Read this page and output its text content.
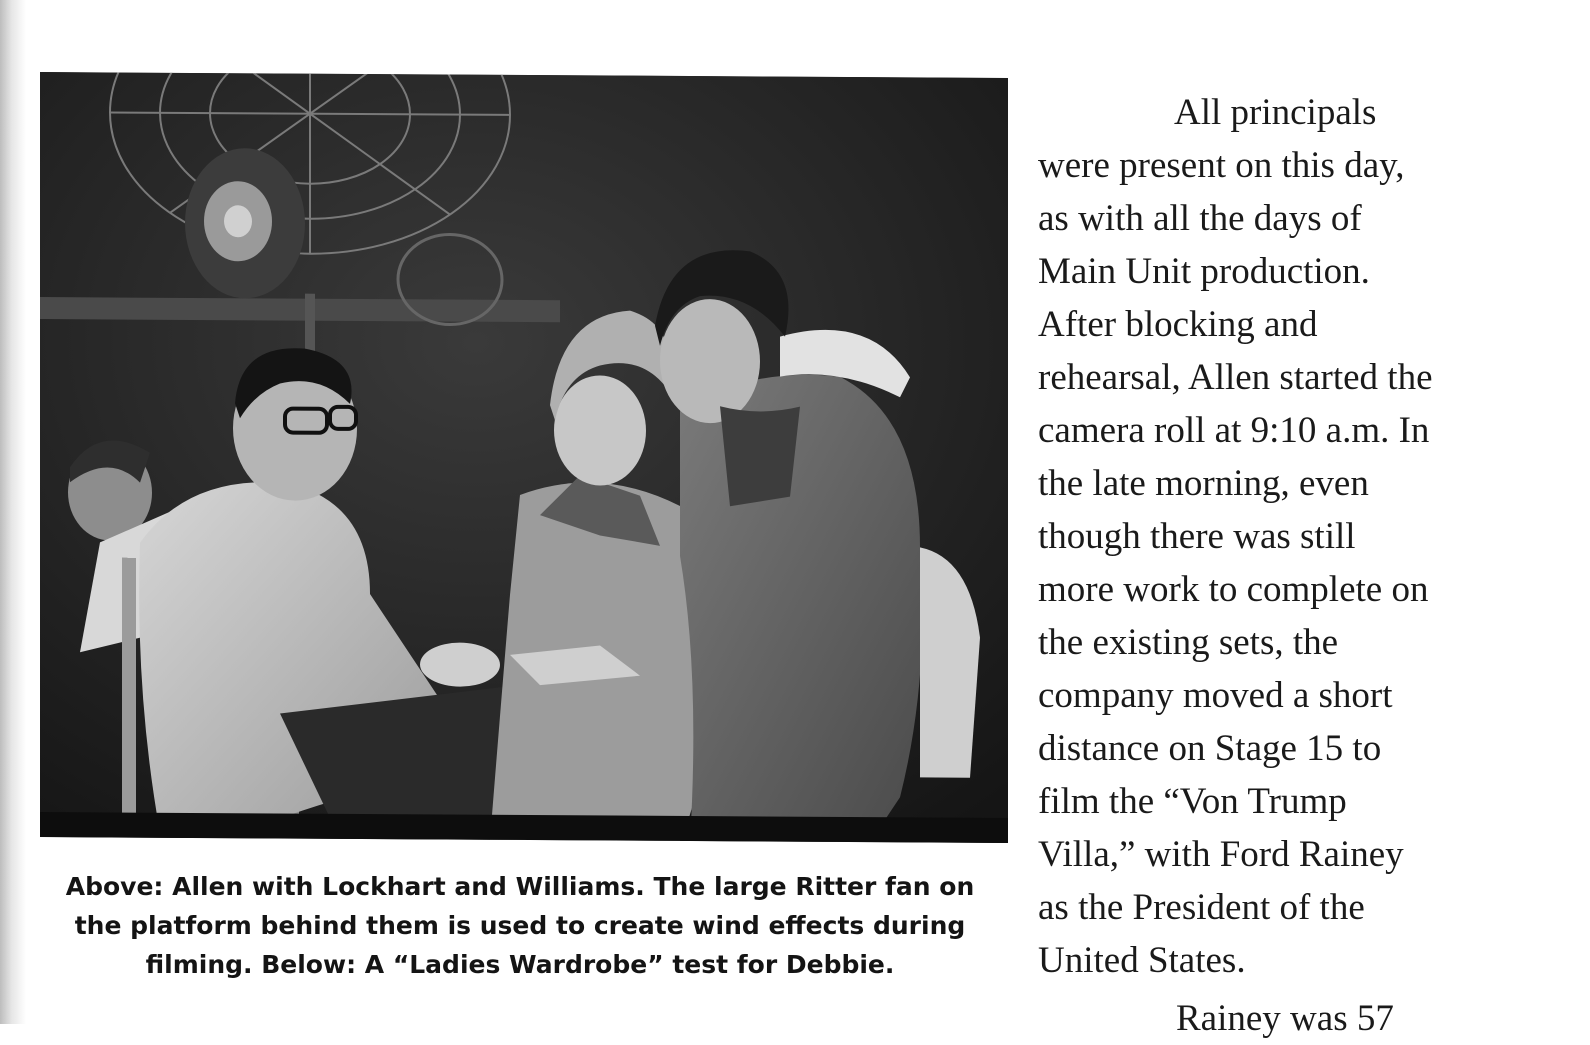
Above: Allen with Lockhart and Williams. The large Ritter fan on
the platform behind them is used to create wind effects during
filming. Below: A “Ladies Wardrobe” test for Debbie.
All principals
were present on this day,
as with all the days of
Main Unit production.
After blocking and
rehearsal, Allen started the
camera roll at 9:10 a.m. In
the late morning, even
though there was still
more work to complete on
the existing sets, the
company moved a short
distance on Stage 15 to
film the “Von Trump
Villa,” with Ford Rainey
as the President of the
United States.
Rainey was 57
